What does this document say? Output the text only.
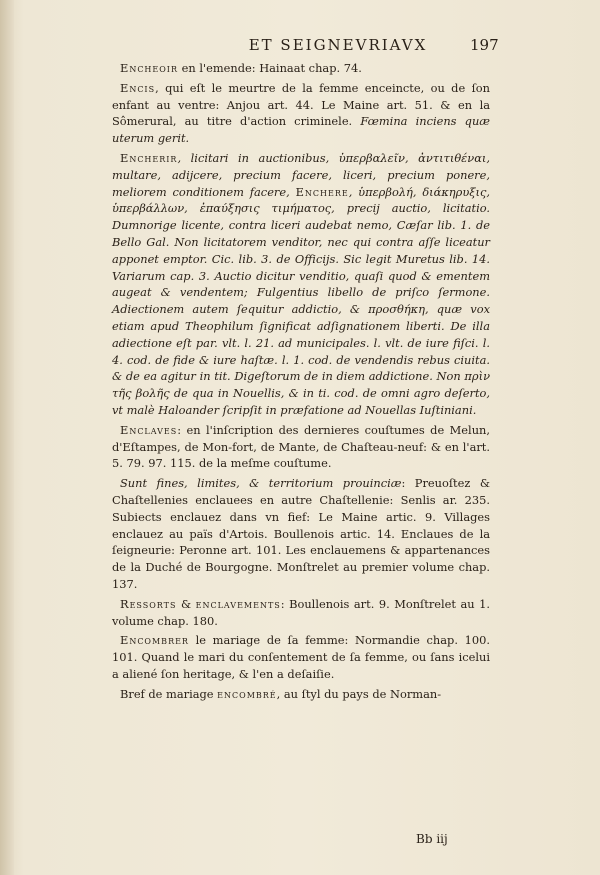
ET SEIGNEVRIAVX	197

Encheoir en l'emende: Hainaat chap. 74.

Encis, qui eſt le meurtre de la femme enceincte, ou de ſon enfant au ventre: Anjou art. 44. Le Maine art. 51. & en la Sômerural, au titre d'action criminele. Fœmina inciens quæ uterum gerit.

Encherir, licitari in auctionibus, ὑπερβαλεῖν, ἀντιτιθέναι, multare, adijcere, precium facere, liceri, precium ponere, meliorem conditionem facere, Enchere, ὑπερβολή, διάκηρυξις, ὑπερβάλλων, ἐπαύξησις τιμήματος, precij auctio, licitatio. Dumnorige licente, contra liceri audebat nemo, Cæſar lib. 1. de Bello Gal. Non licitatorem venditor, nec qui contra aſſe liceatur apponet emptor. Cic. lib. 3. de Officijs. Sic legit Muretus lib. 14. Variarum cap. 3. Auctio dicitur venditio, quaſi quod & ementem augeat & vendentem; Fulgentius libello de priſco ſermone. Adiectionem autem ſequitur addictio, & προσθήκη, quæ vox etiam apud Theophilum ſignificat adſignationem liberti. De illa adiectione eſt par. vlt. l. 21. ad municipales. l. vlt. de iure fiſci. l. 4. cod. de fide & iure haſtæ. l. 1. cod. de vendendis rebus ciuita. & de ea agitur in tit. Digeſtorum de in diem addictione. Non πρὶν τῆς βολῆς de qua in Nouellis, & in ti. cod. de omni agro deſerto, vt malè Haloander ſcripſit in præfatione ad Nouellas Iuſtiniani.

Enclaves: en l'inſcription des dernieres couſtumes de Melun, d'Eſtampes, de Mon-fort, de Mante, de Chaſteau-neuf: & en l'art. 5. 79. 97. 115. de la meſme couſtume.

Sunt fines, limites, & territorium prouinciæ: Preuoſtez & Chaſtellenies enclauees en autre Chaſtellenie: Senlis ar. 235. Subiects enclauez dans vn fief: Le Maine artic. 9. Villages enclauez au païs d'Artois. Boullenois artic. 14. Enclaues de la ſeigneurie: Peronne art. 101. Les enclauemens & appartenances de la Duché de Bourgogne. Monſtrelet au premier volume chap. 137.

Ressorts & enclavements: Boullenois art. 9. Monſtrelet au 1. volume chap. 180.

Encombrer le mariage de ſa femme: Normandie chap. 100. 101. Quand le mari du conſentement de ſa femme, ou ſans icelui a aliené ſon heritage, & l'en a deſaiſie.

Bref de mariage encombré, au ſtyl du pays de Norman-

Bb iij
